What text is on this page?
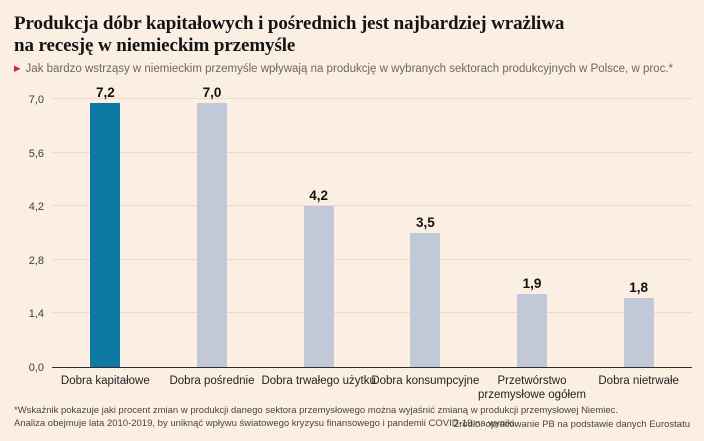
Produkcja dóbr kapitałowych i pośrednich jest najbardziej wrażliwa
na recesję w niemieckim przemyśle
▶ Jak bardzo wstrząsy w niemieckim przemyśle wpływają na produkcję w wybranych sektorach produkcyjnych w Polsce, w proc.*
7,2	7,0
4,2
3,5
1,9	1,8
0,0
1,4
2,8
4,2
5,6
7,0
Dobra kapitałowe	Dobra pośrednie Dobra trwałego użytku
Dobra konsumpcyjne	Przetwórstwo przemysłowe ogółem
Dobra nietrwałe
*Wskaźnik pokazuje jaki procent zmian w produkcji danego sektora przemysłowego można wyjaśnić zmianą w produkcji przemysłowej Niemiec.
Analiza obejmuje lata 2010-2019, by uniknąć wpływu światowego kryzysu finansowego i pandemii COVID-19 na wyniki.
Źródło: opracowanie PB na podstawie danych Eurostatu
